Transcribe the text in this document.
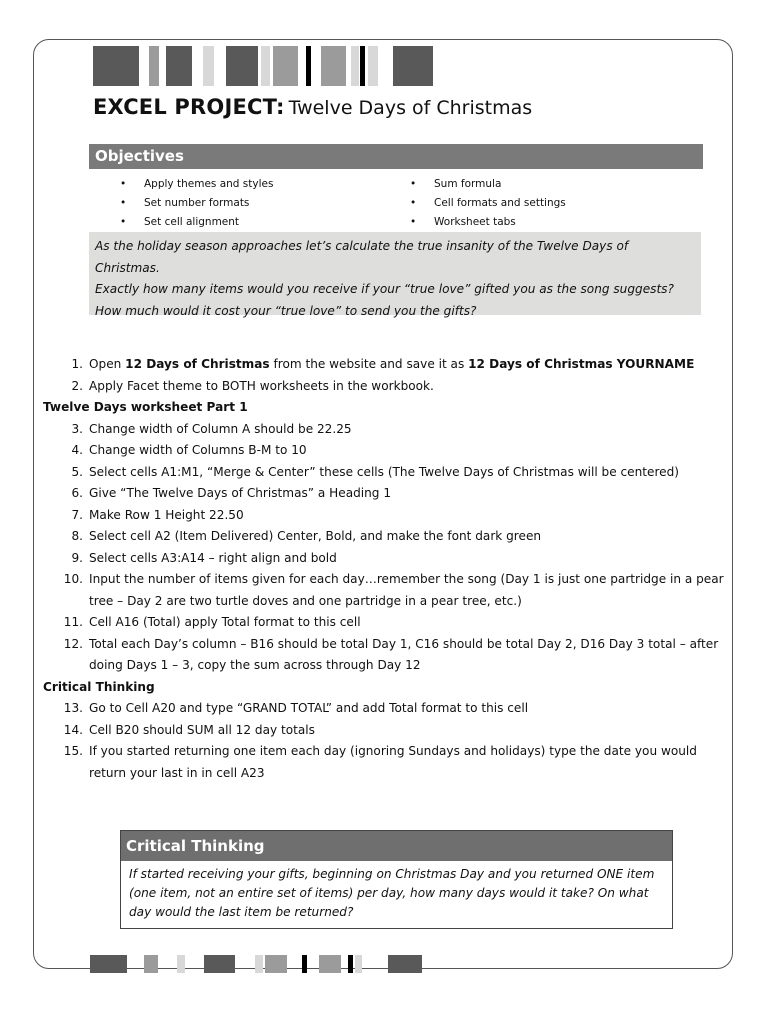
EXCEL PROJECT: Twelve Days of Christmas
Objectives
• Apply themes and styles
• Set number formats
• Set cell alignment
• Sum formula
• Cell formats and settings
• Worksheet tabs
As the holiday season approaches let’s calculate the true insanity of the Twelve Days of Christmas.
Exactly how many items would you receive if your “true love” gifted you as the song suggests?
How much would it cost your “true love” to send you the gifts?
1. Open 12 Days of Christmas from the website and save it as 12 Days of Christmas YOURNAME
2. Apply Facet theme to BOTH worksheets in the workbook.
Twelve Days worksheet Part 1
3. Change width of Column A should be 22.25
4. Change width of Columns B-M to 10
5. Select cells A1:M1, “Merge & Center” these cells (The Twelve Days of Christmas will be centered)
6. Give “The Twelve Days of Christmas” a Heading 1
7. Make Row 1 Height 22.50
8. Select cell A2 (Item Delivered) Center, Bold, and make the font dark green
9. Select cells A3:A14 – right align and bold
10. Input the number of items given for each day…remember the song (Day 1 is just one partridge in a pear tree – Day 2 are two turtle doves and one partridge in a pear tree, etc.)
11. Cell A16 (Total) apply Total format to this cell
12. Total each Day’s column – B16 should be total Day 1, C16 should be total Day 2, D16 Day 3 total – after doing Days 1 – 3, copy the sum across through Day 12
Critical Thinking
13. Go to Cell A20 and type “GRAND TOTAL” and add Total format to this cell
14. Cell B20 should SUM all 12 day totals
15. If you started returning one item each day (ignoring Sundays and holidays) type the date you would return your last in in cell A23
Critical Thinking
If started receiving your gifts, beginning on Christmas Day and you returned ONE item (one item, not an entire set of items) per day, how many days would it take? On what day would the last item be returned?
